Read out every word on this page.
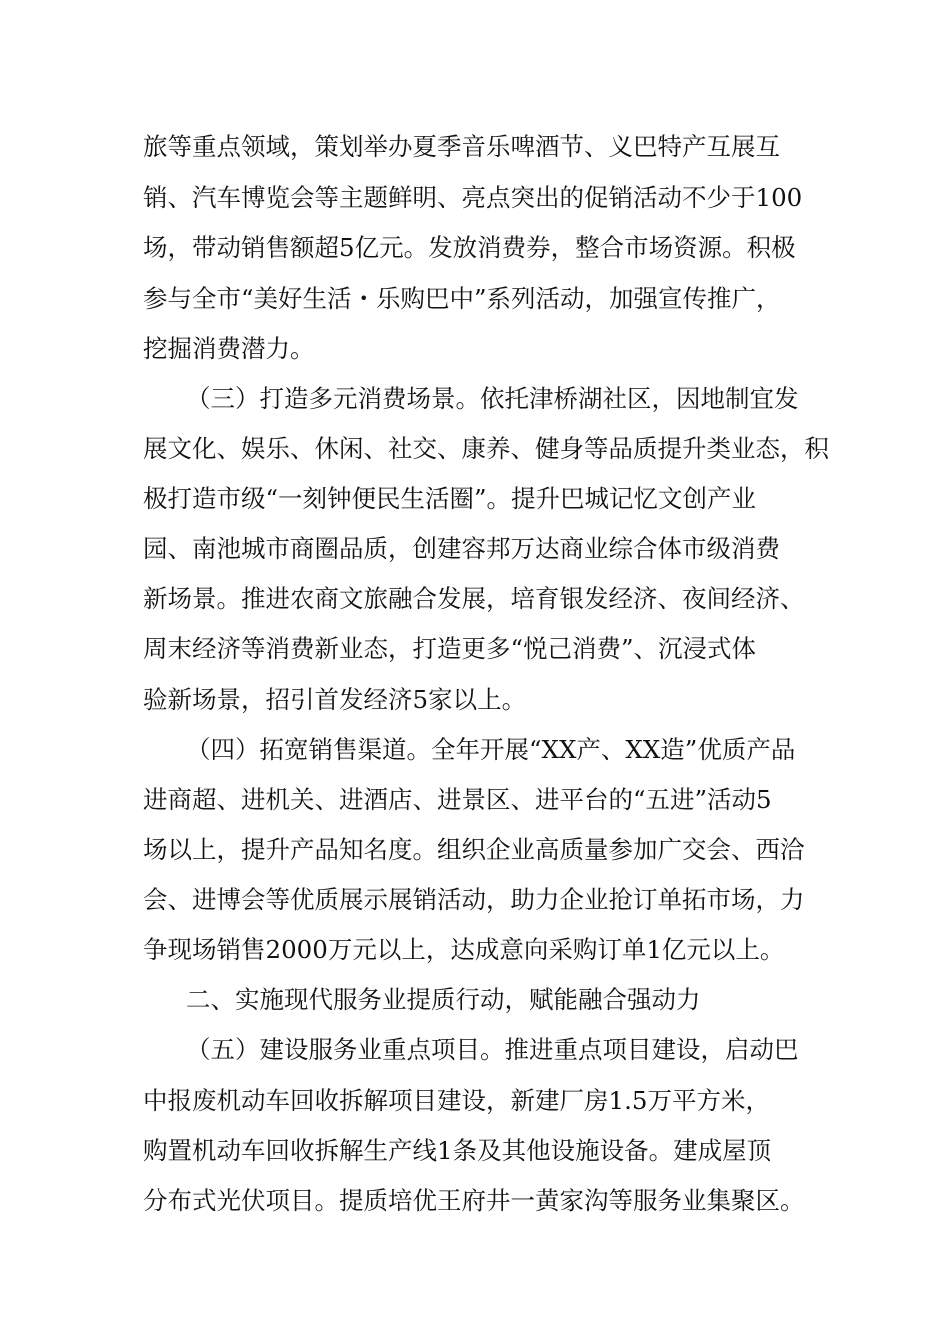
旅等重点领域，策划举办夏季音乐啤酒节、义巴特产互展互
销、汽车博览会等主题鲜明、亮点突出的促销活动不少于100
场，带动销售额超5亿元。发放消费券，整合市场资源。积极
参与全市“美好生活・乐购巴中”系列活动，加强宣传推广，
挖掘消费潜力。
（三）打造多元消费场景。依托津桥湖社区，因地制宜发
展文化、娱乐、休闲、社交、康养、健身等品质提升类业态，积
极打造市级“一刻钟便民生活圈”。提升巴城记忆文创产业
园、南池城市商圈品质，创建容邦万达商业综合体市级消费
新场景。推进农商文旅融合发展，培育银发经济、夜间经济、
周末经济等消费新业态，打造更多“悦己消费”、沉浸式体
验新场景，招引首发经济5家以上。
（四）拓宽销售渠道。全年开展“XX产、XX造”优质产品
进商超、进机关、进酒店、进景区、进平台的“五进”活动5
场以上，提升产品知名度。组织企业高质量参加广交会、西洽
会、进博会等优质展示展销活动，助力企业抢订单拓市场，力
争现场销售2000万元以上，达成意向采购订单1亿元以上。
二、实施现代服务业提质行动，赋能融合强动力
（五）建设服务业重点项目。推进重点项目建设，启动巴
中报废机动车回收拆解项目建设，新建厂房1.5万平方米，
购置机动车回收拆解生产线1条及其他设施设备。建成屋顶
分布式光伏项目。提质培优王府井一黄家沟等服务业集聚区。
